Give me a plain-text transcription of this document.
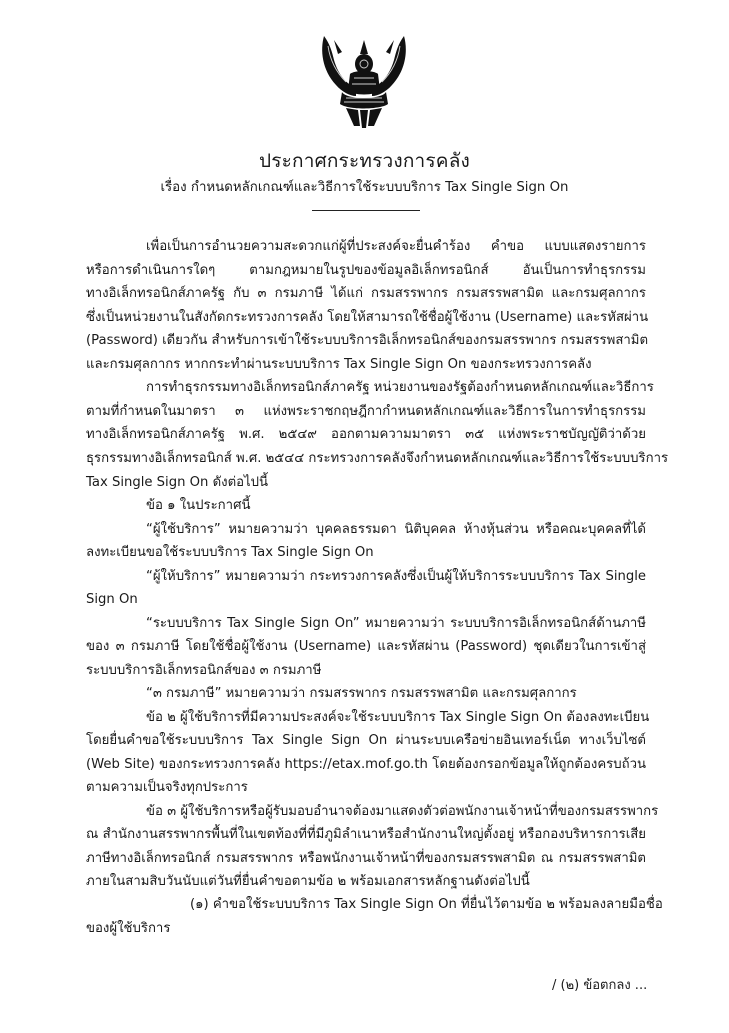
ประกาศกระทรวงการคลัง
เรื่อง กำหนดหลักเกณฑ์และวิธีการใช้ระบบบริการ Tax Single Sign On
เพื่อเป็นการอำนวยความสะดวกแก่ผู้ที่ประสงค์จะยื่นคำร้อง คำขอ แบบแสดงรายการ
หรือการดำเนินการใดๆ ตามกฎหมายในรูปของข้อมูลอิเล็กทรอนิกส์ อันเป็นการทำธุรกรรม
ทางอิเล็กทรอนิกส์ภาครัฐ กับ ๓ กรมภาษี ได้แก่ กรมสรรพากร กรมสรรพสามิต และกรมศุลกากร
ซึ่งเป็นหน่วยงานในสังกัดกระทรวงการคลัง โดยให้สามารถใช้ชื่อผู้ใช้งาน (Username) และรหัสผ่าน
(Password) เดียวกัน สำหรับการเข้าใช้ระบบบริการอิเล็กทรอนิกส์ของกรมสรรพากร กรมสรรพสามิต
และกรมศุลกากร หากกระทำผ่านระบบบริการ Tax Single Sign On ของกระทรวงการคลัง
การทำธุรกรรมทางอิเล็กทรอนิกส์ภาครัฐ หน่วยงานของรัฐต้องกำหนดหลักเกณฑ์และวิธีการ
ตามที่กำหนดในมาตรา ๓ แห่งพระราชกฤษฎีกากำหนดหลักเกณฑ์และวิธีการในการทำธุรกรรม
ทางอิเล็กทรอนิกส์ภาครัฐ พ.ศ. ๒๕๔๙ ออกตามความมาตรา ๓๕ แห่งพระราชบัญญัติว่าด้วย
ธุรกรรมทางอิเล็กทรอนิกส์ พ.ศ. ๒๕๔๔ กระทรวงการคลังจึงกำหนดหลักเกณฑ์และวิธีการใช้ระบบบริการ
Tax Single Sign On ดังต่อไปนี้
ข้อ ๑ ในประกาศนี้
“ผู้ใช้บริการ” หมายความว่า บุคคลธรรมดา นิติบุคคล ห้างหุ้นส่วน หรือคณะบุคคลที่ได้
ลงทะเบียนขอใช้ระบบบริการ Tax Single Sign On
“ผู้ให้บริการ” หมายความว่า กระทรวงการคลังซึ่งเป็นผู้ให้บริการระบบบริการ Tax Single
Sign On
“ระบบบริการ Tax Single Sign On” หมายความว่า ระบบบริการอิเล็กทรอนิกส์ด้านภาษี
ของ ๓ กรมภาษี โดยใช้ชื่อผู้ใช้งาน (Username) และรหัสผ่าน (Password) ชุดเดียวในการเข้าสู่
ระบบบริการอิเล็กทรอนิกส์ของ ๓ กรมภาษี
“๓ กรมภาษี” หมายความว่า กรมสรรพากร กรมสรรพสามิต และกรมศุลกากร
ข้อ ๒ ผู้ใช้บริการที่มีความประสงค์จะใช้ระบบบริการ Tax Single Sign On ต้องลงทะเบียน
โดยยื่นคำขอใช้ระบบบริการ Tax Single Sign On ผ่านระบบเครือข่ายอินเทอร์เน็ต ทางเว็บไซต์
(Web Site) ของกระทรวงการคลัง https://etax.mof.go.th โดยต้องกรอกข้อมูลให้ถูกต้องครบถ้วน
ตามความเป็นจริงทุกประการ
ข้อ ๓ ผู้ใช้บริการหรือผู้รับมอบอำนาจต้องมาแสดงตัวต่อพนักงานเจ้าหน้าที่ของกรมสรรพากร
ณ สำนักงานสรรพากรพื้นที่ในเขตท้องที่ที่มีภูมิลำเนาหรือสำนักงานใหญ่ตั้งอยู่ หรือกองบริหารการเสีย
ภาษีทางอิเล็กทรอนิกส์ กรมสรรพากร หรือพนักงานเจ้าหน้าที่ของกรมสรรพสามิต ณ กรมสรรพสามิต
ภายในสามสิบวันนับแต่วันที่ยื่นคำขอตามข้อ ๒ พร้อมเอกสารหลักฐานดังต่อไปนี้
(๑) คำขอใช้ระบบบริการ Tax Single Sign On ที่ยื่นไว้ตามข้อ ๒ พร้อมลงลายมือชื่อ
ของผู้ใช้บริการ
/ (๒) ข้อตกลง ...
